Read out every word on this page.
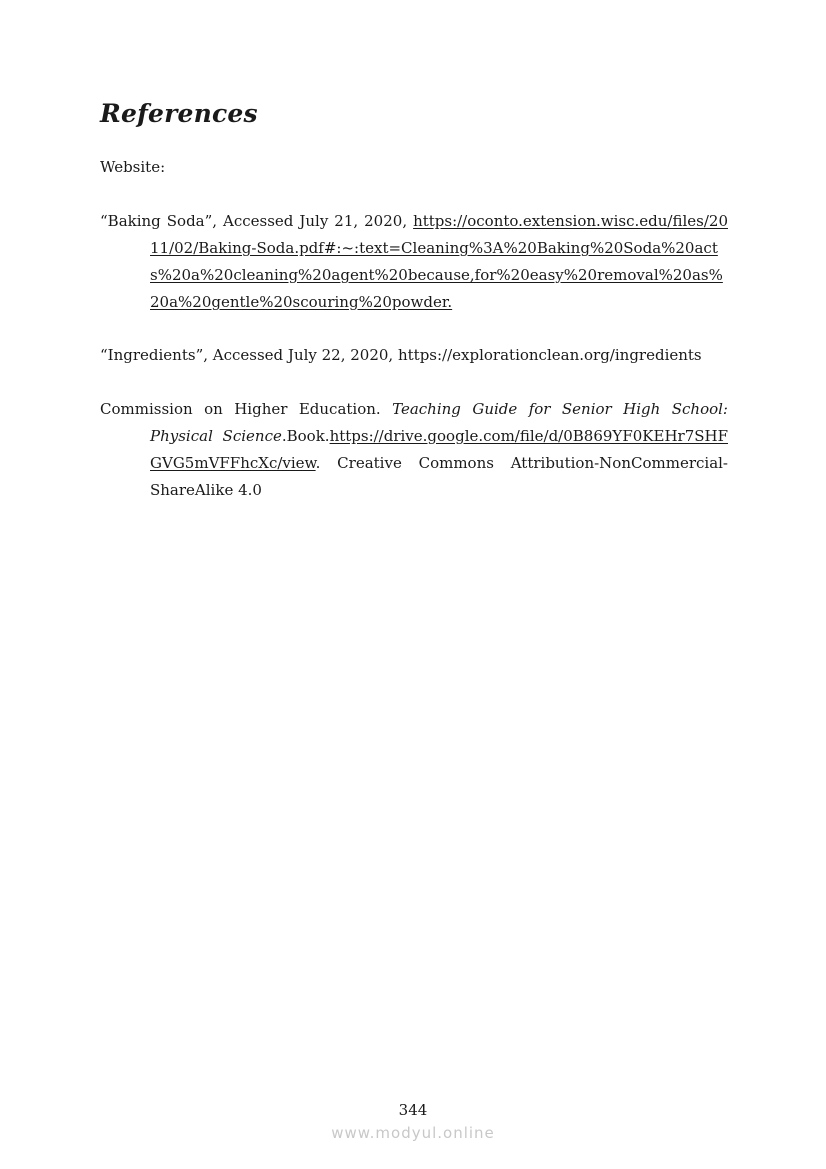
References
Website:
“Baking Soda”, Accessed July 21, 2020, https://oconto.extension.wisc.edu/files/2011/02/Baking-Soda.pdf#:~:text=Cleaning%3A%20Baking%20Soda%20acts%20a%20cleaning%20agent%20because,for%20easy%20removal%20as%20a%20gentle%20scouring%20powder.
“Ingredients”, Accessed July 22, 2020, https://explorationclean.org/ingredients
Commission on Higher Education. Teaching Guide for Senior High School: Physical Science.Book.https://drive.google.com/file/d/0B869YF0KEHr7SHFGVG5mVFFhcXc/view. Creative Commons Attribution-NonCommercial-ShareAlike 4.0
344
www.modyul.online
